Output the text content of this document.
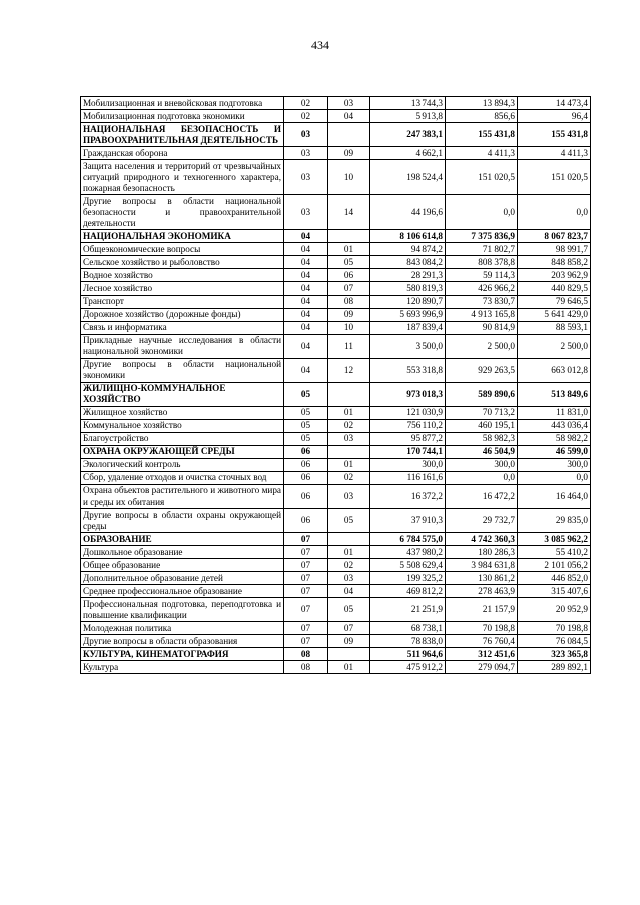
434
Мобилизационная и вневойсковая подготовка	02	03	13 744,3	13 894,3	14 473,4
Мобилизационная подготовка экономики	02	04	5 913,8	856,6	96,4
НАЦИОНАЛЬНАЯ БЕЗОПАСНОСТЬ И ПРАВООХРАНИТЕЛЬНАЯ ДЕЯТЕЛЬНОСТЬ	03		247 383,1	155 431,8	155 431,8
Гражданская оборона	03	09	4 662,1	4 411,3	4 411,3
Защита населения и территорий от чрезвычайных ситуаций природного и техногенного характера, пожарная безопасность	03	10	198 524,4	151 020,5	151 020,5
Другие вопросы в области национальной безопасности и правоохранительной деятельности	03	14	44 196,6	0,0	0,0
НАЦИОНАЛЬНАЯ ЭКОНОМИКА	04		8 106 614,8	7 375 836,9	8 067 823,7
Общеэкономические вопросы	04	01	94 874,2	71 802,7	98 991,7
Сельское хозяйство и рыболовство	04	05	843 084,2	808 378,8	848 858,2
Водное хозяйство	04	06	28 291,3	59 114,3	203 962,9
Лесное хозяйство	04	07	580 819,3	426 966,2	440 829,5
Транспорт	04	08	120 890,7	73 830,7	79 646,5
Дорожное хозяйство (дорожные фонды)	04	09	5 693 996,9	4 913 165,8	5 641 429,0
Связь и информатика	04	10	187 839,4	90 814,9	88 593,1
Прикладные научные исследования в области национальной экономики	04	11	3 500,0	2 500,0	2 500,0
Другие вопросы в области национальной экономики	04	12	553 318,8	929 263,5	663 012,8
ЖИЛИЩНО-КОММУНАЛЬНОЕ ХОЗЯЙСТВО	05		973 018,3	589 890,6	513 849,6
Жилищное хозяйство	05	01	121 030,9	70 713,2	11 831,0
Коммунальное хозяйство	05	02	756 110,2	460 195,1	443 036,4
Благоустройство	05	03	95 877,2	58 982,3	58 982,2
ОХРАНА ОКРУЖАЮЩЕЙ СРЕДЫ	06		170 744,1	46 504,9	46 599,0
Экологический контроль	06	01	300,0	300,0	300,0
Сбор, удаление отходов и очистка сточных вод	06	02	116 161,6	0,0	0,0
Охрана объектов растительного и животного мира и среды их обитания	06	03	16 372,2	16 472,2	16 464,0
Другие вопросы в области охраны окружающей среды	06	05	37 910,3	29 732,7	29 835,0
ОБРАЗОВАНИЕ	07		6 784 575,0	4 742 360,3	3 085 962,2
Дошкольное образование	07	01	437 980,2	180 286,3	55 410,2
Общее образование	07	02	5 508 629,4	3 984 631,8	2 101 056,2
Дополнительное образование детей	07	03	199 325,2	130 861,2	446 852,0
Среднее профессиональное образование	07	04	469 812,2	278 463,9	315 407,6
Профессиональная подготовка, переподготовка и повышение квалификации	07	05	21 251,9	21 157,9	20 952,9
Молодежная политика	07	07	68 738,1	70 198,8	70 198,8
Другие вопросы в области образования	07	09	78 838,0	76 760,4	76 084,5
КУЛЬТУРА, КИНЕМАТОГРАФИЯ	08		511 964,6	312 451,6	323 365,8
Культура	08	01	475 912,2	279 094,7	289 892,1
